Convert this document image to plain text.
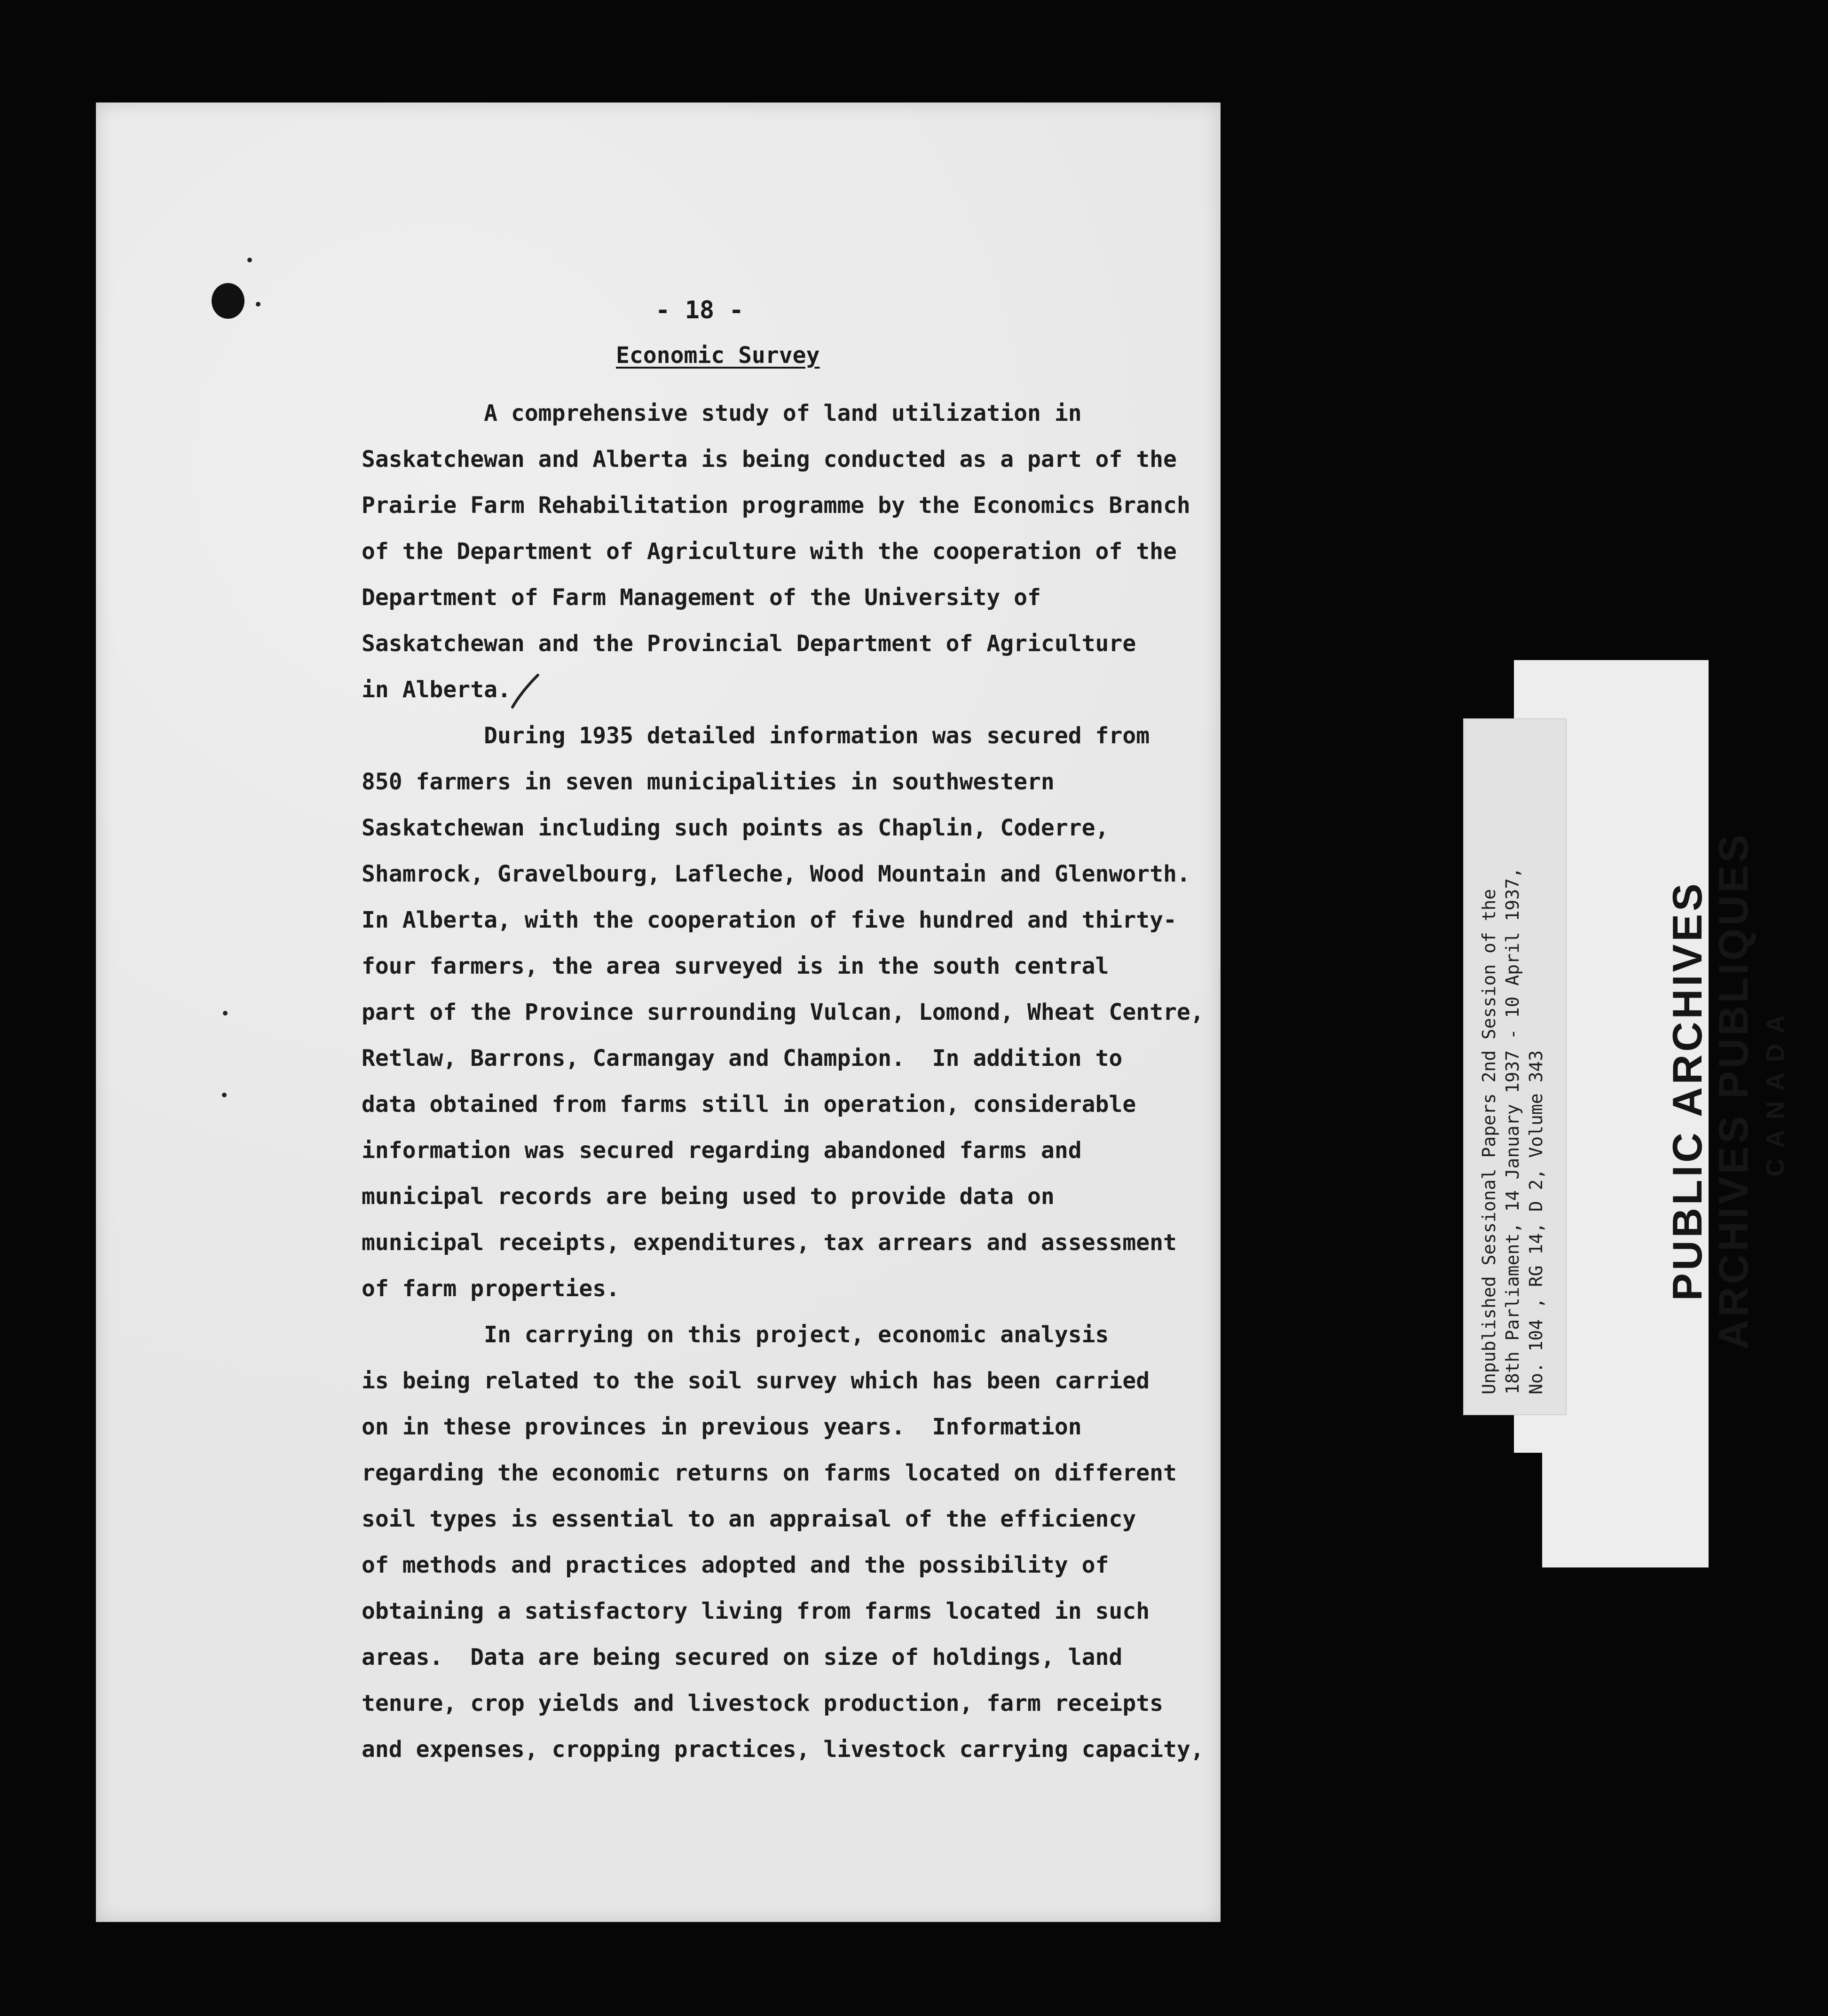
- 18 -
Economic Survey
A comprehensive study of land utilization in
Saskatchewan and Alberta is being conducted as a part of the
Prairie Farm Rehabilitation programme by the Economics Branch
of the Department of Agriculture with the cooperation of the
Department of Farm Management of the University of
Saskatchewan and the Provincial Department of Agriculture
in Alberta.
During 1935 detailed information was secured from
850 farmers in seven municipalities in southwestern
Saskatchewan including such points as Chaplin, Coderre,
Shamrock, Gravelbourg, Lafleche, Wood Mountain and Glenworth.
In Alberta, with the cooperation of five hundred and thirty-
four farmers, the area surveyed is in the south central
part of the Province surrounding Vulcan, Lomond, Wheat Centre,
Retlaw, Barrons, Carmangay and Champion.  In addition to
data obtained from farms still in operation, considerable
information was secured regarding abandoned farms and
municipal records are being used to provide data on
municipal receipts, expenditures, tax arrears and assessment
of farm properties.
In carrying on this project, economic analysis
is being related to the soil survey which has been carried
on in these provinces in previous years.  Information
regarding the economic returns on farms located on different
soil types is essential to an appraisal of the efficiency
of methods and practices adopted and the possibility of
obtaining a satisfactory living from farms located in such
areas.  Data are being secured on size of holdings, land
tenure, crop yields and livestock production, farm receipts
and expenses, cropping practices, livestock carrying capacity,
PUBLIC ARCHIVES ARCHIVES PUBLIQUES CANADA
Unpublished Sessional Papers 2nd Session of the 18th Parliament, 14 January 1937 - 10 April 1937, No. 104 , RG 14, D 2, Volume 343
